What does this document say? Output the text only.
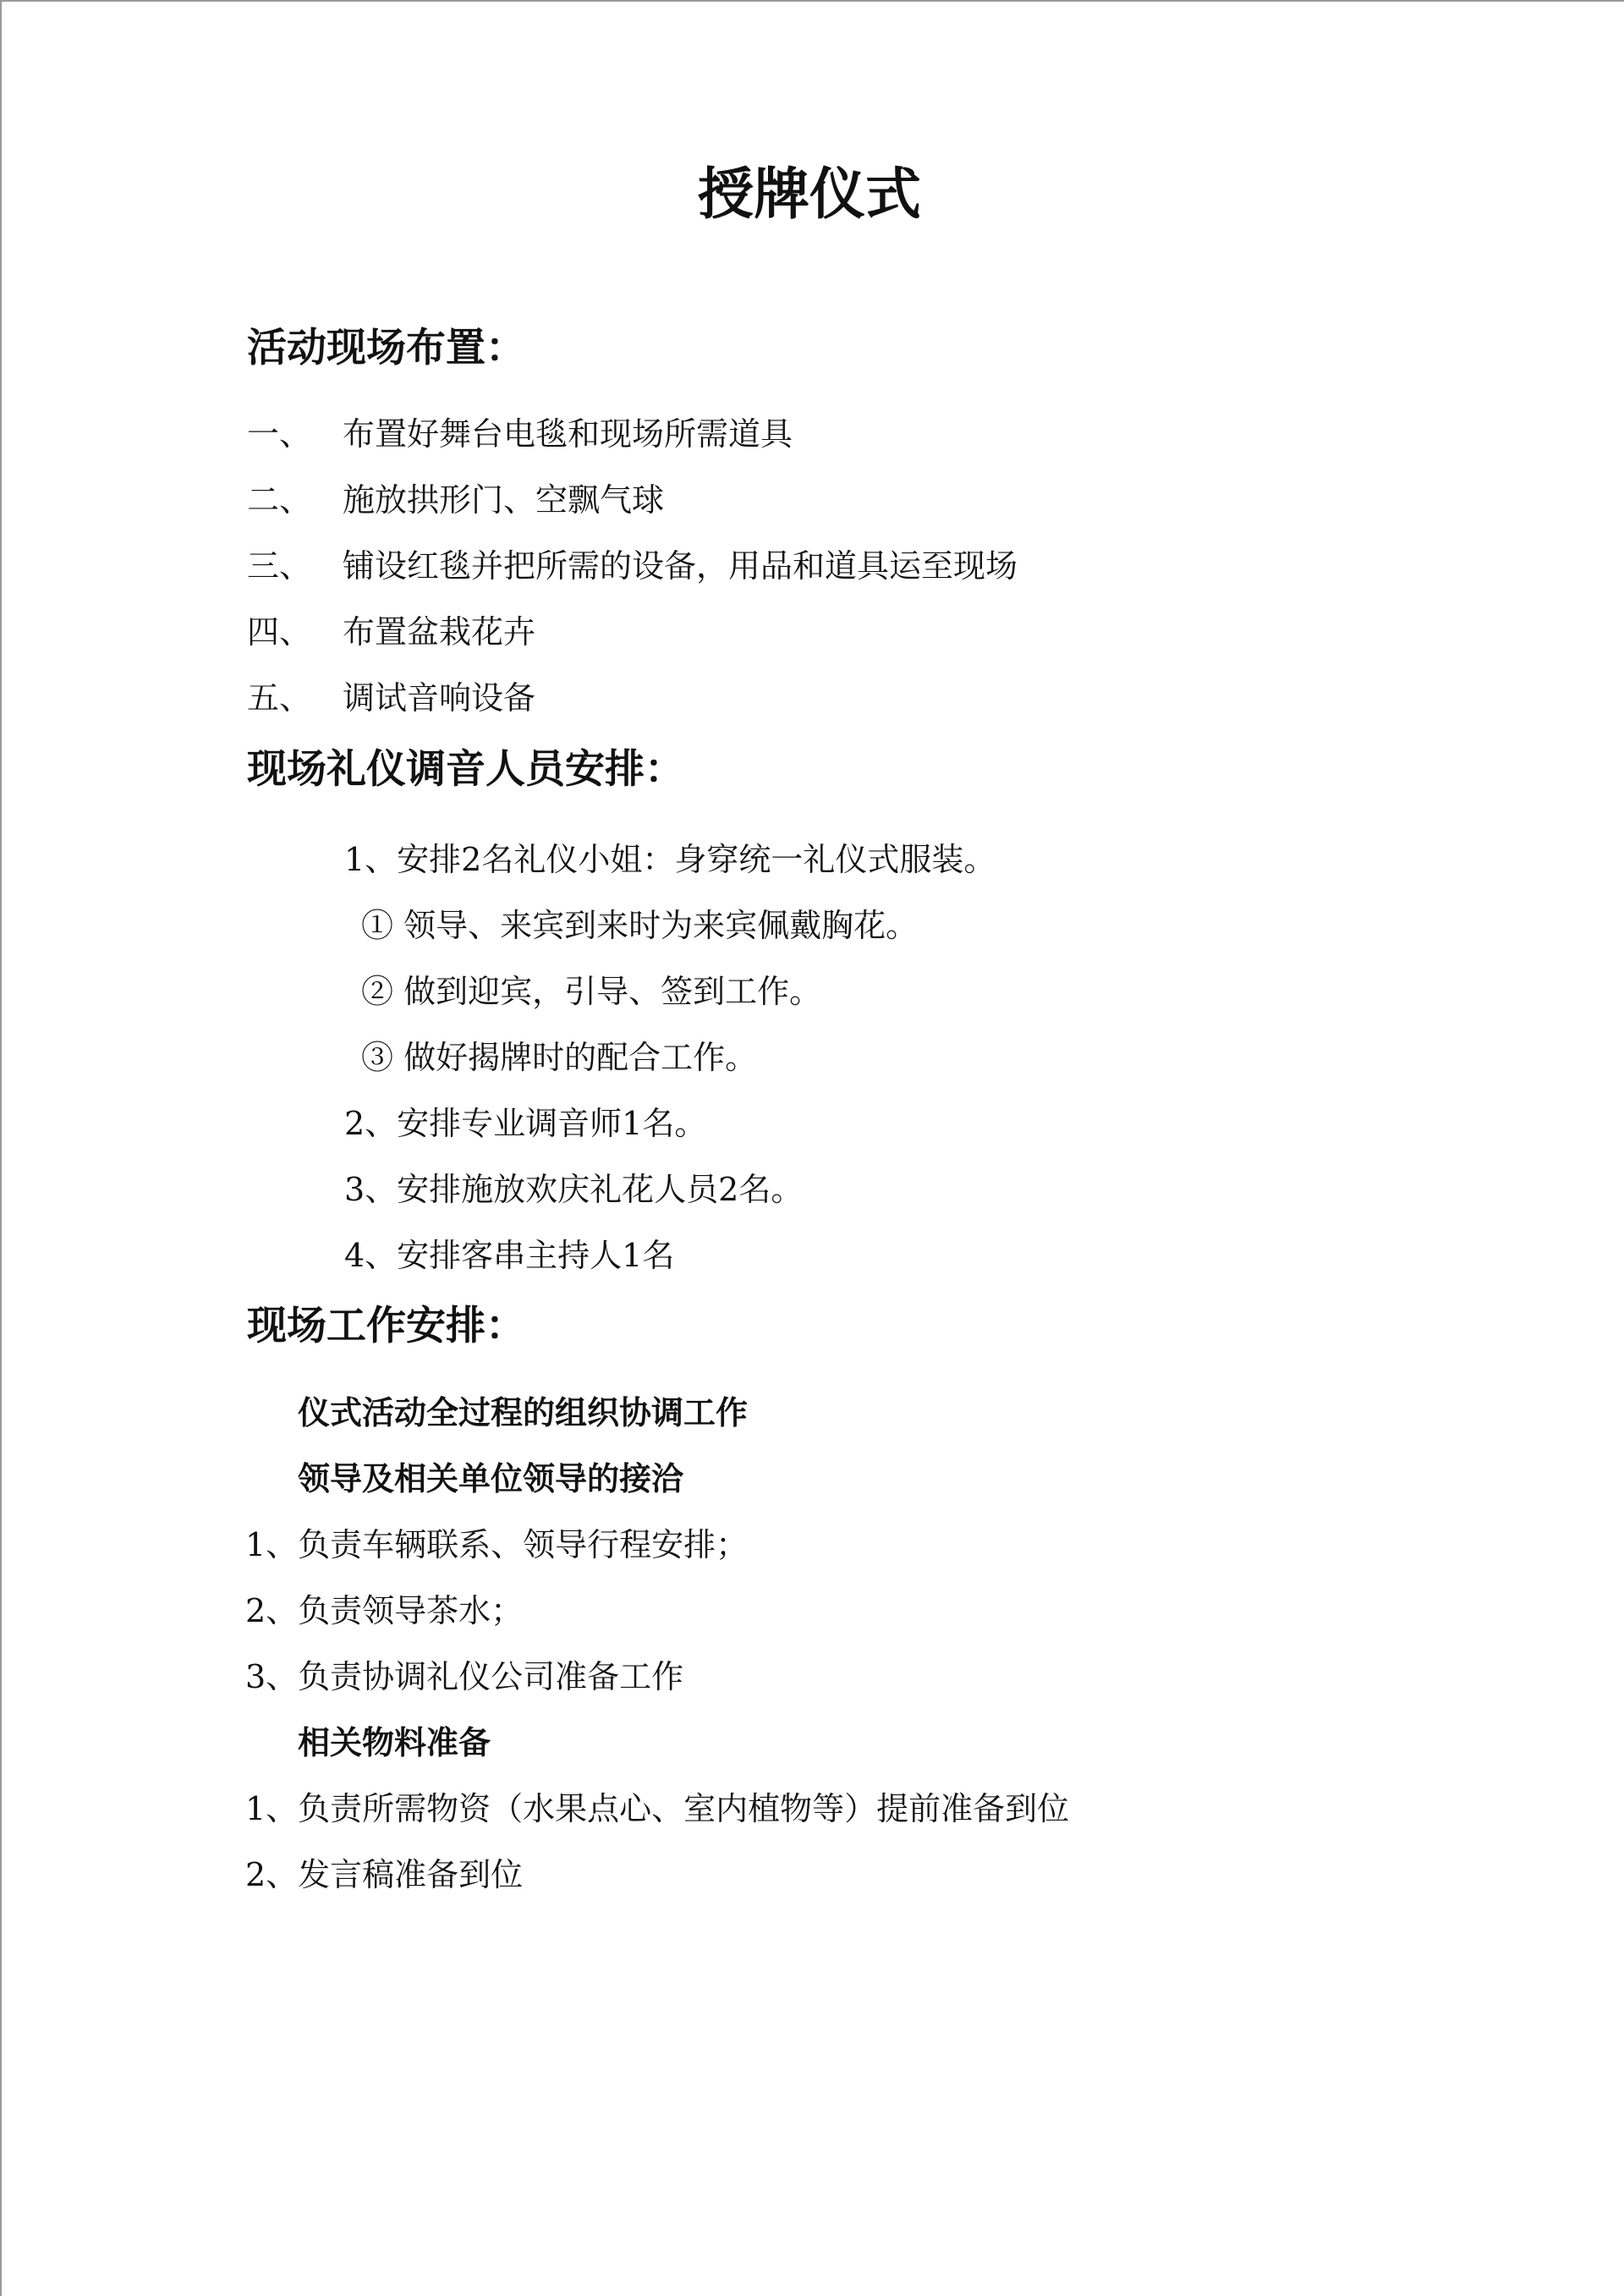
授牌仪式
活动现场布置：
一、 布置好舞台电毯和现场所需道具
二、 施放拱形门、空飘气球
三、 铺设红毯并把所需的设备，用品和道具运至现场
四、 布置盆栽花卉
五、 调试音响设备
现场礼仪调音人员安排：
1、安排2名礼仪小姐：身穿统一礼仪式服装。
① 领导、来宾到来时为来宾佩戴胸花。
② 做到迎宾，引导、签到工作。
③ 做好揭牌时的配合工作。
2、安排专业调音师1名。
3、安排施放欢庆礼花人员2名。
4、安排客串主持人1名
现场工作安排：
仪式活动全过程的组织协调工作
领导及相关单位领导的接洽
1、负责车辆联系、领导行程安排；
2、负责领导茶水；
3、负责协调礼仪公司准备工作
相关物料准备
1、负责所需物资（水果点心、室内植物等）提前准备到位
2、发言稿准备到位
